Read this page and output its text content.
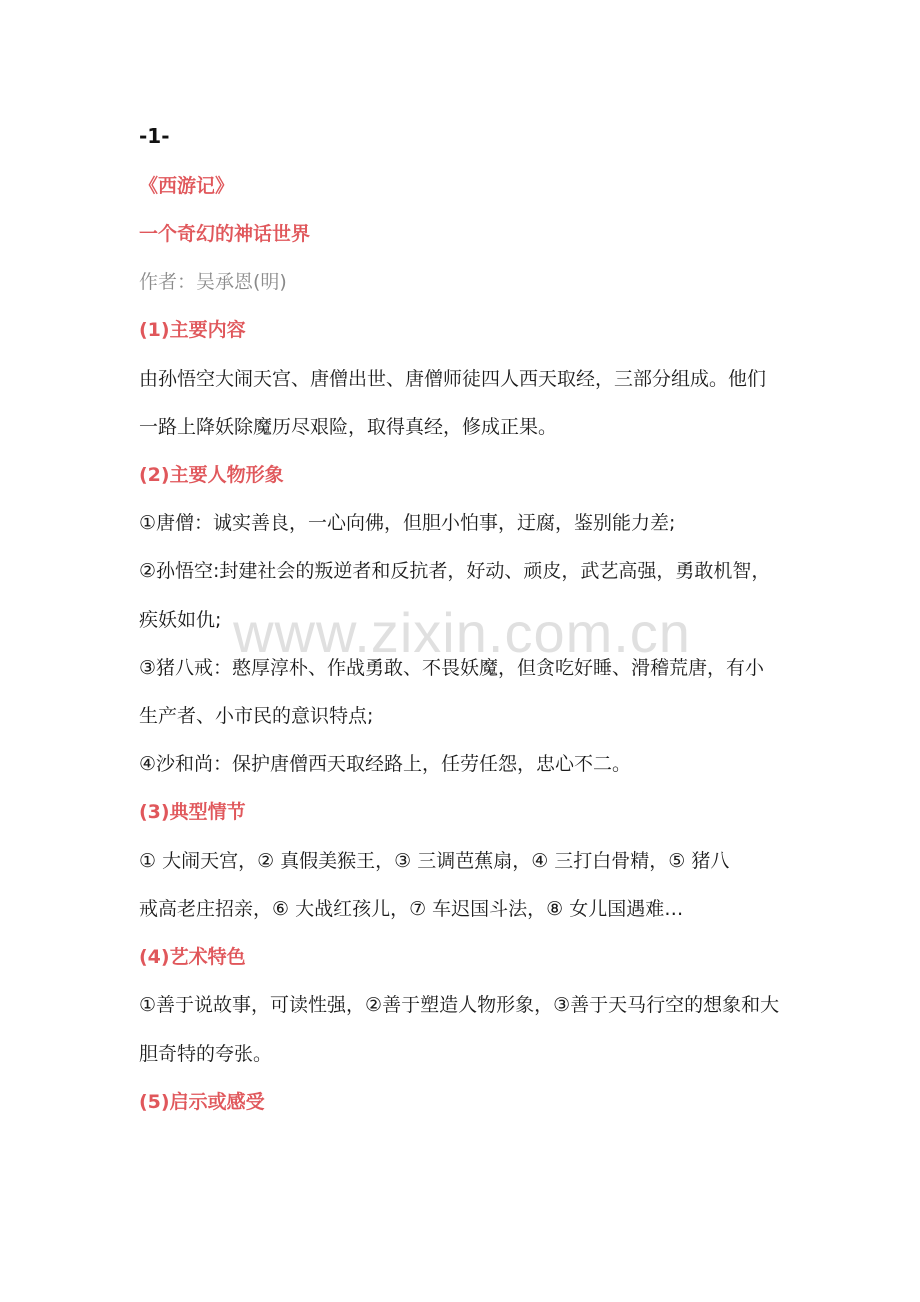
-1-
《西游记》
一个奇幻的神话世界
作者：吴承恩(明)
(1)主要内容
由孙悟空大闹天宫、唐僧出世、唐僧师徒四人西天取经，三部分组成。他们
一路上降妖除魔历尽艰险，取得真经，修成正果。
(2)主要人物形象
①唐僧：诚实善良，一心向佛，但胆小怕事，迂腐，鉴别能力差;
②孙悟空:封建社会的叛逆者和反抗者，好动、顽皮，武艺高强，勇敢机智，
疾妖如仇;
③猪八戒：憨厚淳朴、作战勇敢、不畏妖魔，但贪吃好睡、滑稽荒唐，有小
生产者、小市民的意识特点;
④沙和尚：保护唐僧西天取经路上，任劳任怨，忠心不二。
(3)典型情节
① 大闹天宫，② 真假美猴王，③ 三调芭蕉扇，④ 三打白骨精，⑤ 猪八
戒高老庄招亲，⑥ 大战红孩儿，⑦ 车迟国斗法，⑧ 女儿国遇难…
(4)艺术特色
①善于说故事，可读性强，②善于塑造人物形象，③善于天马行空的想象和大
胆奇特的夸张。
(5)启示或感受
www.zixin.com.cn
